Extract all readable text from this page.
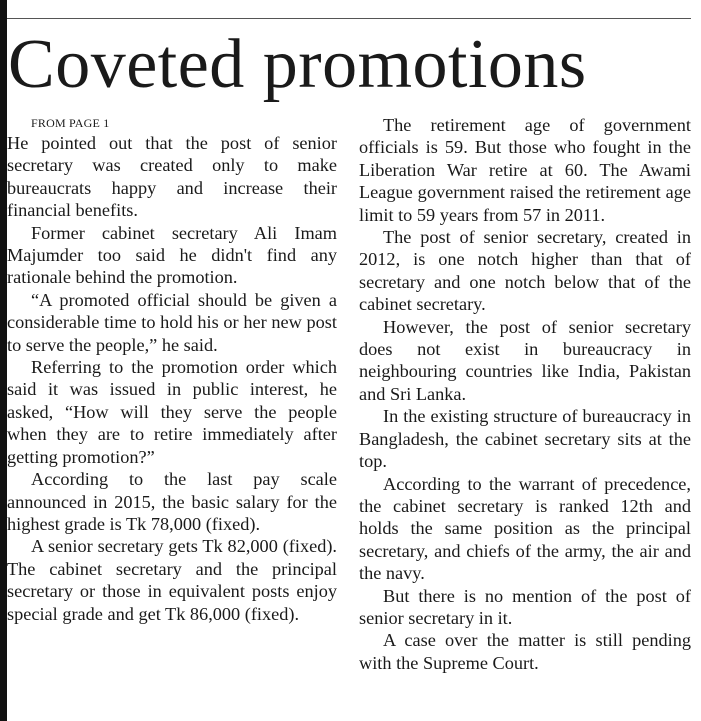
Coveted promotions

FROM PAGE 1

He pointed out that the post of senior secretary was created only to make bureaucrats happy and increase their financial benefits.

Former cabinet secretary Ali Imam Majumder too said he didn't find any rationale behind the promotion.

“A promoted official should be given a considerable time to hold his or her new post to serve the people,” he said.

Referring to the promotion order which said it was issued in public interest, he asked, “How will they serve the people when they are to retire immediately after getting promotion?”

According to the last pay scale announced in 2015, the basic salary for the highest grade is Tk 78,000 (fixed).

A senior secretary gets Tk 82,000 (fixed). The cabinet secretary and the principal secretary or those in equivalent posts enjoy special grade and get Tk 86,000 (fixed).

The retirement age of government officials is 59. But those who fought in the Liberation War retire at 60. The Awami League government raised the retirement age limit to 59 years from 57 in 2011.

The post of senior secretary, created in 2012, is one notch higher than that of secretary and one notch below that of the cabinet secretary.

However, the post of senior secretary does not exist in bureaucracy in neighbouring countries like India, Pakistan and Sri Lanka.

In the existing structure of bureaucracy in Bangladesh, the cabinet secretary sits at the top.

According to the warrant of precedence, the cabinet secretary is ranked 12th and holds the same position as the principal secretary, and chiefs of the army, the air and the navy.

But there is no mention of the post of senior secretary in it.

A case over the matter is still pending with the Supreme Court.
